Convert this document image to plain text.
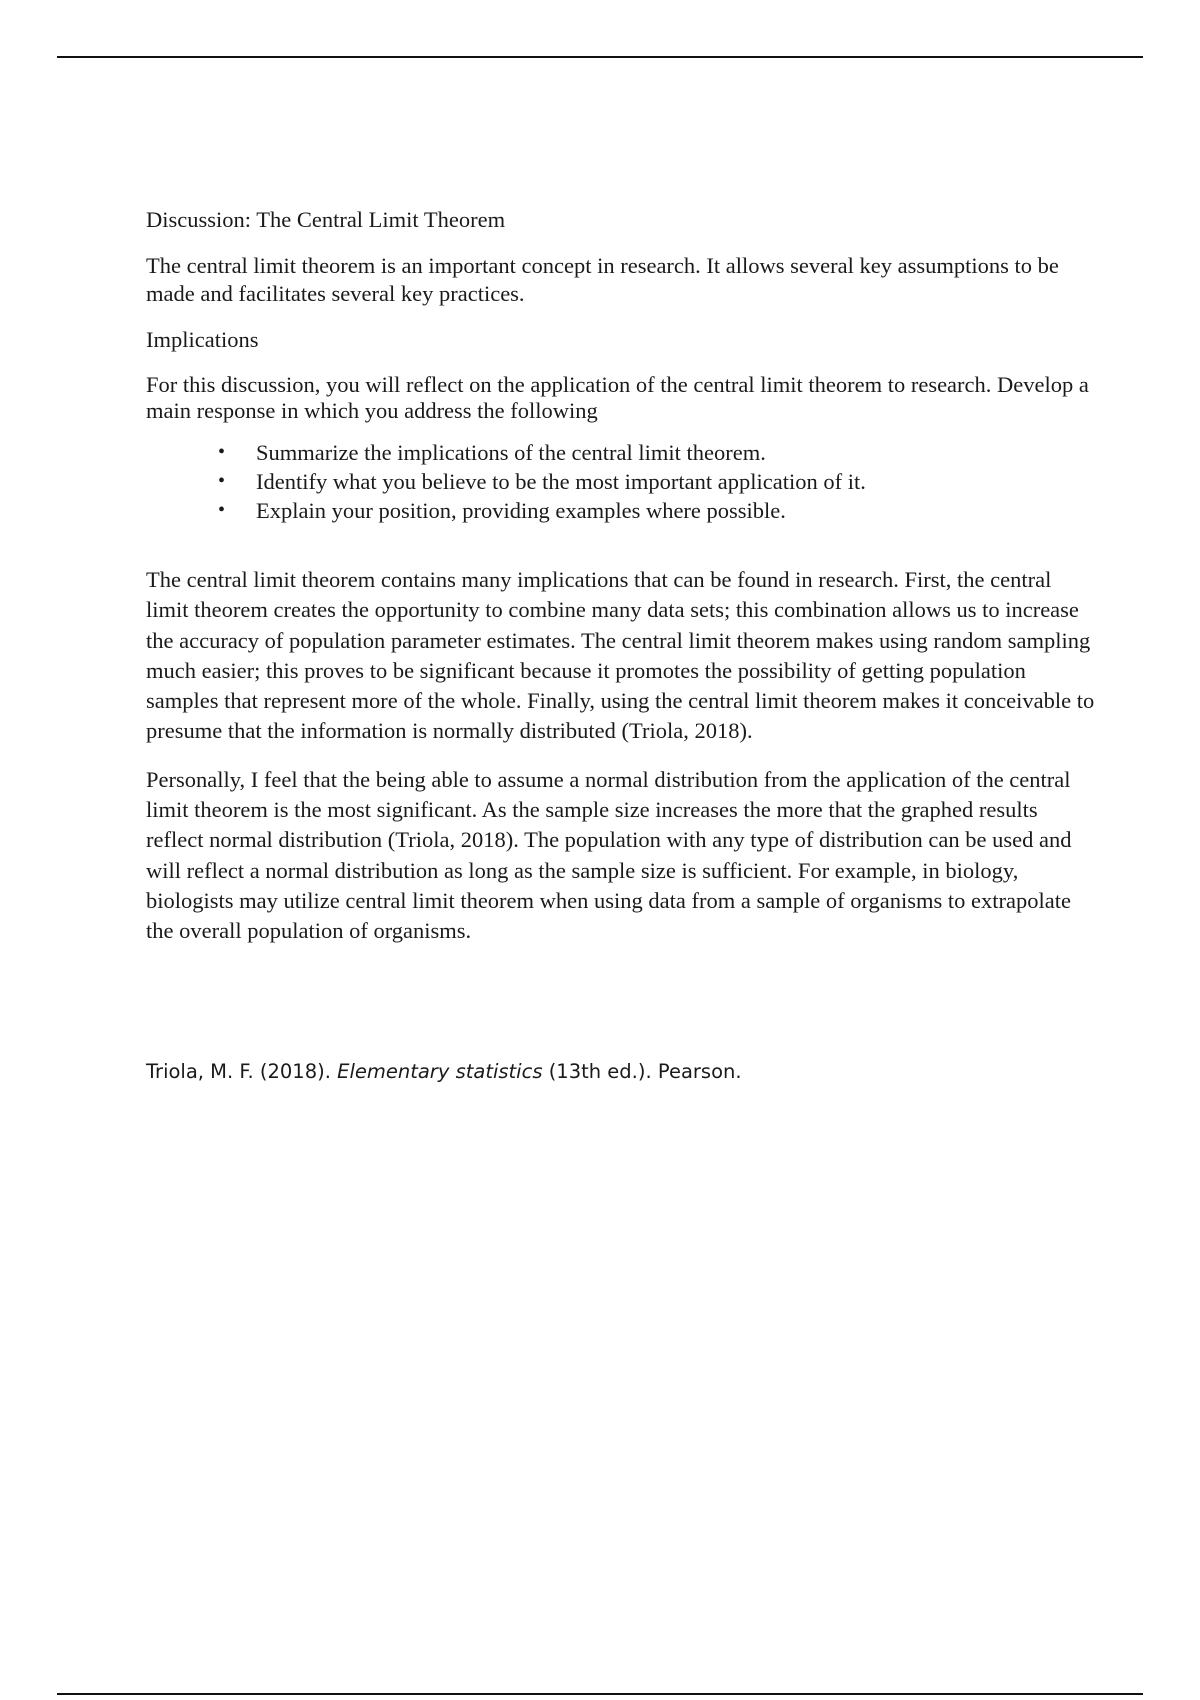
Discussion: The Central Limit Theorem

The central limit theorem is an important concept in research. It allows several key assumptions to be made and facilitates several key practices.

Implications

For this discussion, you will reflect on the application of the central limit theorem to research. Develop a main response in which you address the following

• Summarize the implications of the central limit theorem.
• Identify what you believe to be the most important application of it.
• Explain your position, providing examples where possible.

The central limit theorem contains many implications that can be found in research. First, the central limit theorem creates the opportunity to combine many data sets; this combination allows us to increase the accuracy of population parameter estimates. The central limit theorem makes using random sampling much easier; this proves to be significant because it promotes the possibility of getting population samples that represent more of the whole. Finally, using the central limit theorem makes it conceivable to presume that the information is normally distributed (Triola, 2018).

Personally, I feel that the being able to assume a normal distribution from the application of the central limit theorem is the most significant. As the sample size increases the more that the graphed results reflect normal distribution (Triola, 2018). The population with any type of distribution can be used and will reflect a normal distribution as long as the sample size is sufficient. For example, in biology, biologists may utilize central limit theorem when using data from a sample of organisms to extrapolate the overall population of organisms.

Triola, M. F. (2018). Elementary statistics (13th ed.). Pearson.
